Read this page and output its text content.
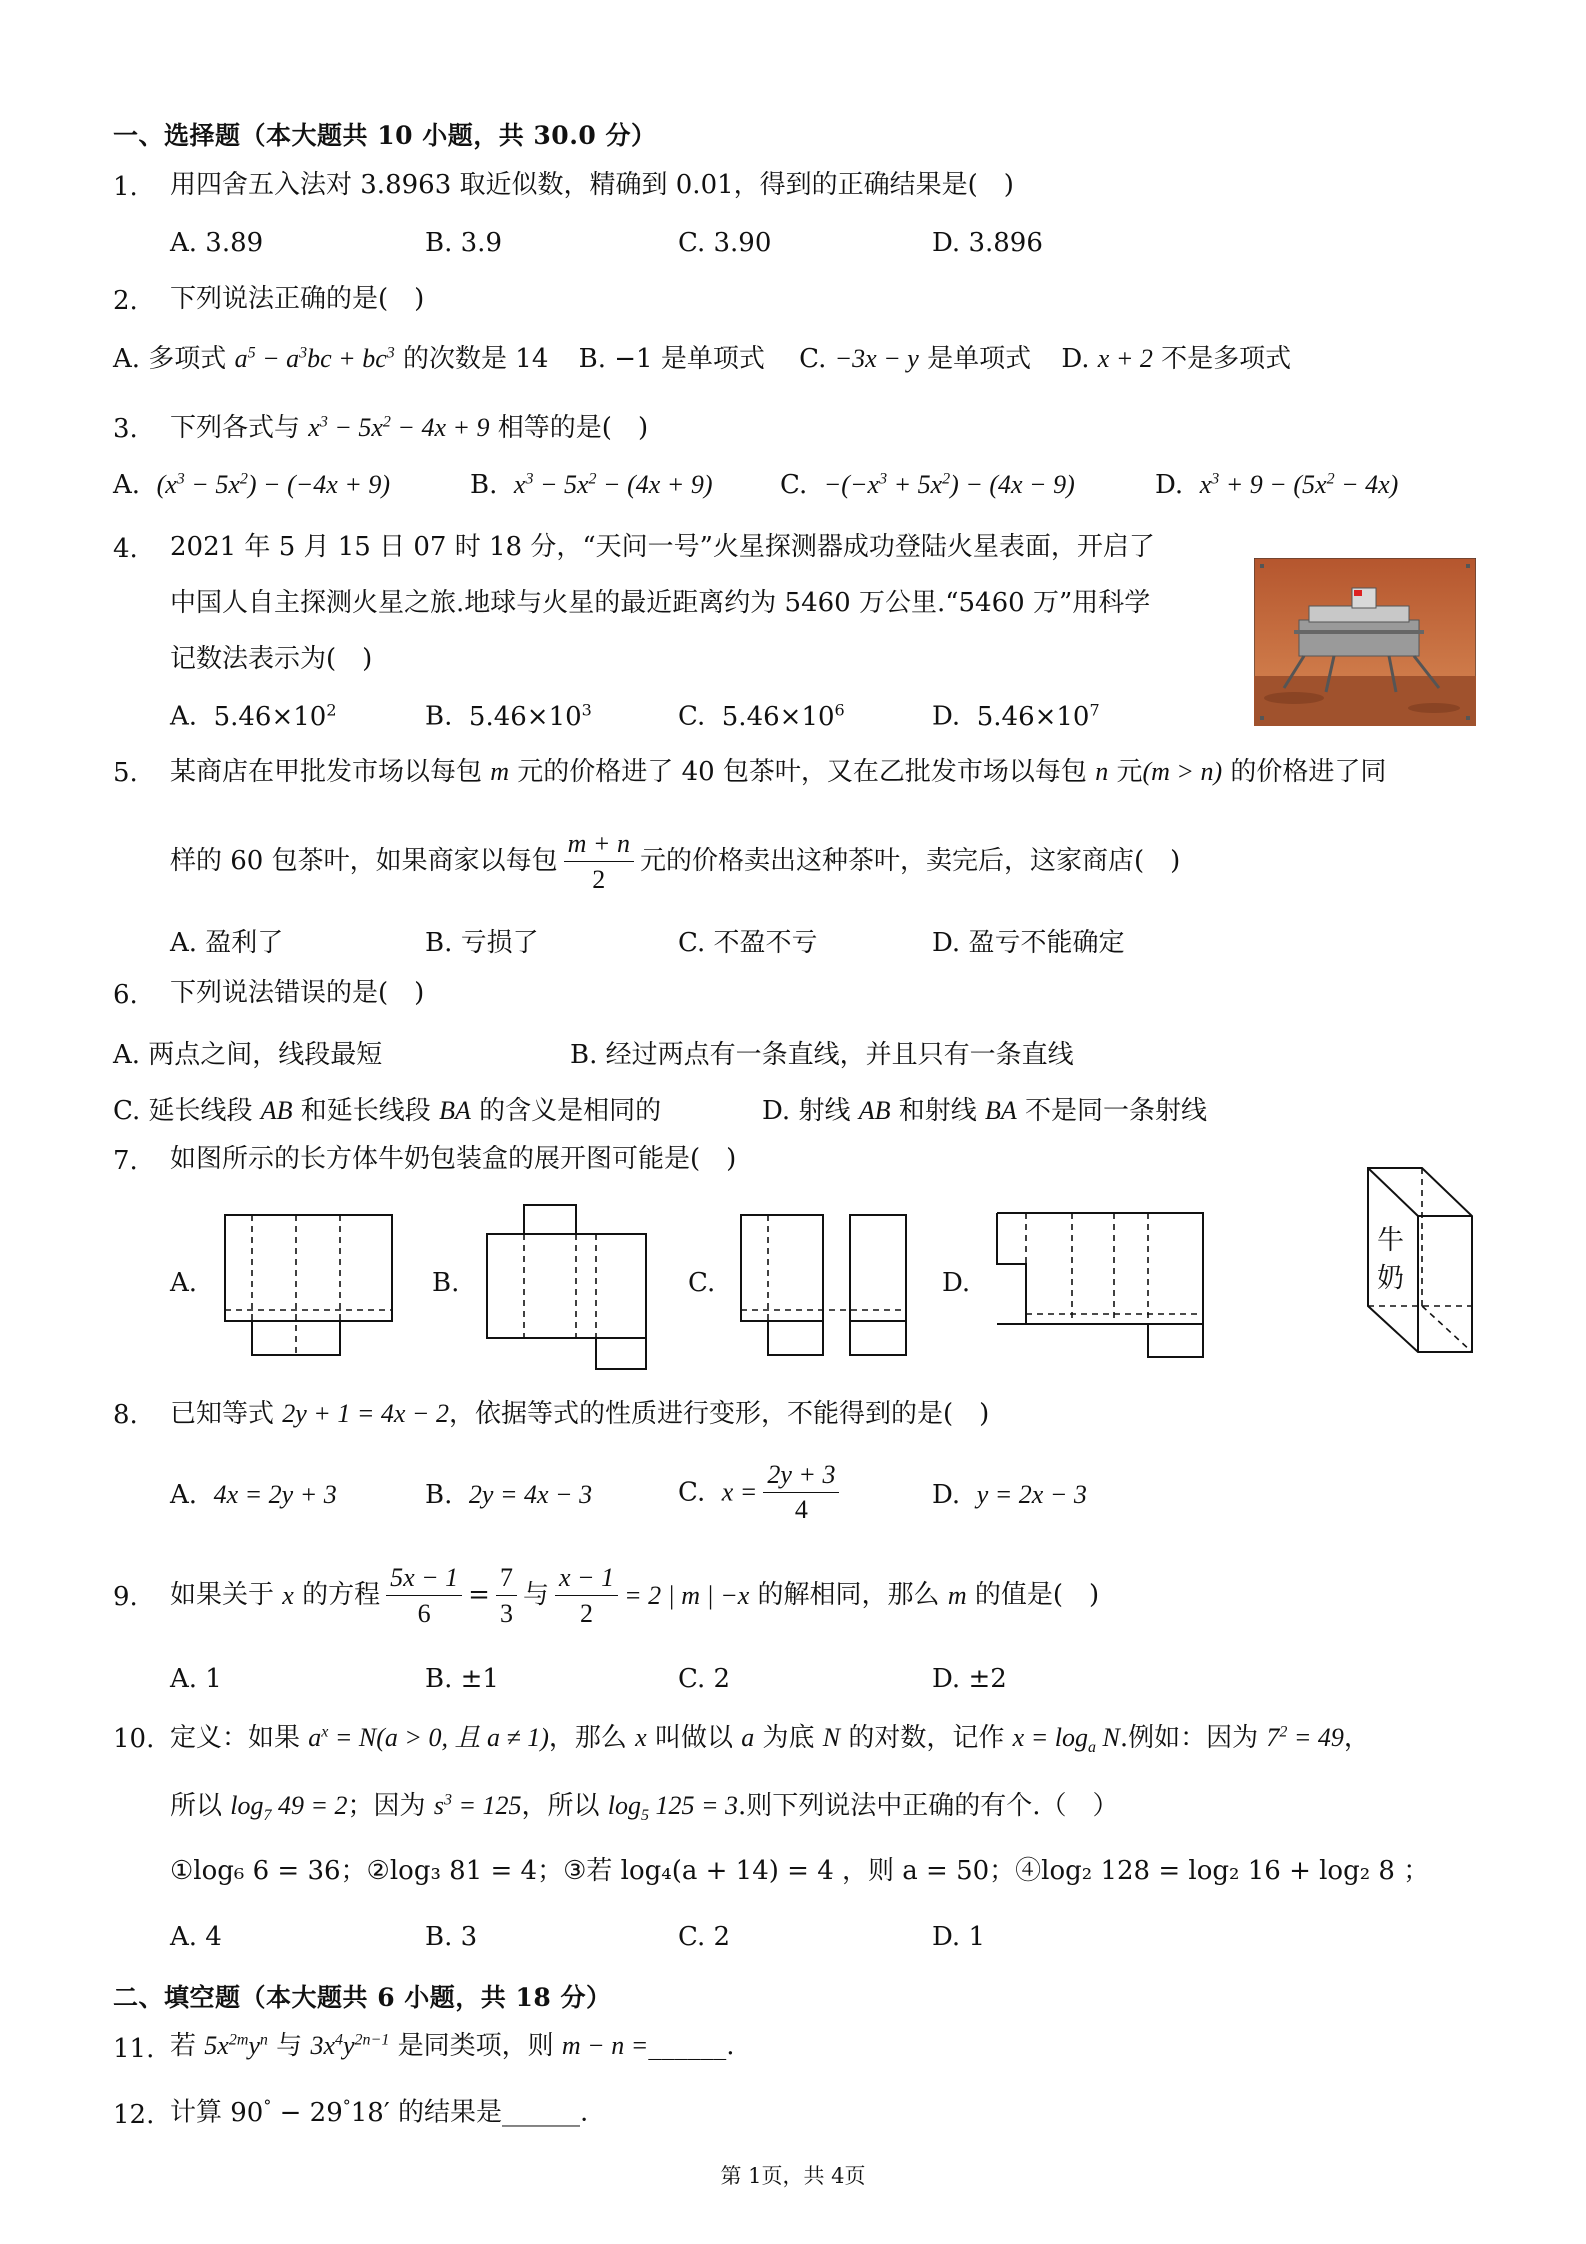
一、选择题（本大题共 10 小题，共 30.0 分）
1. 用四舍五入法对 3.8963 取近似数，精确到 0.01，得到的正确结果是(　)
A. 3.89	B. 3.9	C. 3.90	D. 3.896
2. 下列说法正确的是(　)
A. 多项式 $a^5 - a^3bc + bc^3$ 的次数是 14 B. −1 是单项式 C. −3x − y 是单项式 D. x + 2 不是多项式
3. 下列各式与 $x^3 - 5x^2 - 4x + 9$ 相等的是(　)
A. $(x^3 - 5x^2) - (-4x + 9)$	B. $x^3 - 5x^2 - (4x + 9)$	C. $-(-x^3 + 5x^2) - (4x - 9)$	D. $x^3 + 9 - (5x^2 - 4x)$
4. 2021 年 5 月 15 日 07 时 18 分，“天问一号”火星探测器成功登陆火星表面，开启了
中国人自主探测火星之旅.地球与火星的最近距离约为 5460 万公里.“5460 万”用科学
记数法表示为(　)
A. $5.46\times 10^2$	B. $5.46\times 10^3$	C. $5.46\times 10^6$	D. $5.46\times 10^7$
5. 某商店在甲批发市场以每包 m 元的价格进了 40 包茶叶，又在乙批发市场以每包 n 元(m > n) 的价格进了同
样的 60 包茶叶，如果商家以每包 $\frac{m + n}{2}$ 元的价格卖出这种茶叶，卖完后，这家商店(　)
A. 盈利了	B. 亏损了	C. 不盈不亏	D. 盈亏不能确定
6. 下列说法错误的是(　)
A. 两点之间，线段最短	B. 经过两点有一条直线，并且只有一条直线
C. 延长线段 AB 和延长线段 BA 的含义是相同的	D. 射线 AB 和射线 BA 不是同一条射线
7. 如图所示的长方体牛奶包装盒的展开图可能是(　)
A.	B.	C.	D.
牛
奶
8. 已知等式 2y + 1 = 4x − 2，依据等式的性质进行变形，不能得到的是(　)
A. 4x = 2y + 3	B. 2y = 4x − 3	C. $x = \frac{2y + 3}{4}$	D. y = 2x − 3
9. 如果关于 x 的方程 $\frac{5x - 1}{6} = \frac{7}{3}$ 与 $\frac{x - 1}{2} = 2$ | m | −x 的解相同，那么 m 的值是(　)
A. 1	B. ±1	C. 2	D. ±2
10. 定义：如果 $a^x = N(a > 0$, 且 a ≠ 1)，那么 x 叫做以 a 为底 N 的对数，记作 $x = \log_a N$.例如：因为 $7^2 = 49$，
所以 $\log_7 49 = 2$；因为 $s^3 = 125$，所以 $\log_5 125 = 3$.则下列说法中正确的有个.（　）
①log₆ 6 = 36；②log₃ 81 = 4；③若 log₄(a + 14) = 4 ，则 a = 50；④log₂ 128 = log₂ 16 + log₂ 8 ；
A. 4	B. 3	C. 2	D. 1
二、填空题（本大题共 6 小题，共 18 分）
11. 若 $5x^{2m}y^n$ 与 $3x^4y^{2n-1}$ 是同类项，则 m − n =______.
12. 计算 90° − 29°18′ 的结果是______.
第 1页，共 4页
